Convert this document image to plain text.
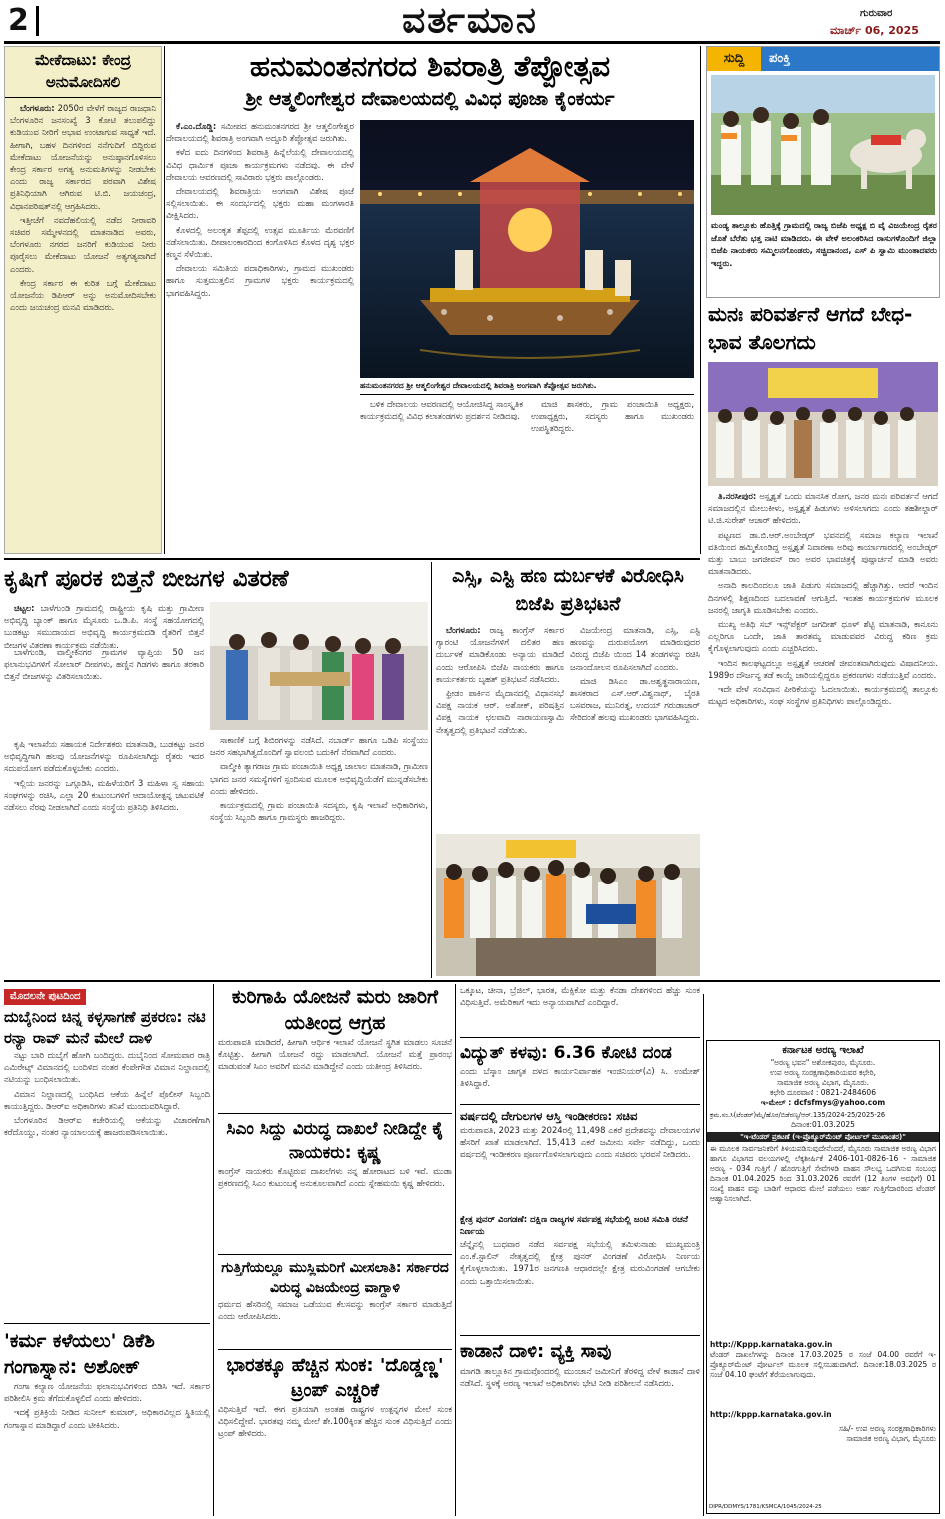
2	ವರ್ತಮಾನ	ಗುರುವಾರ
ಮಾರ್ಚ್ 06, 2025
ಮೇಕೆದಾಟು: ಕೇಂದ್ರ ಅನುಮೋದಿಸಲಿ

ಬೆಂಗಳೂರು: 2050ರ ವೇಳೆಗೆ ರಾಜ್ಯದ ರಾಜಧಾನಿ ಬೆಂಗಳೂರಿನ ಜನಸಂಖ್ಯೆ 3 ಕೋಟಿ ತಲುಪಲಿದ್ದು ಕುಡಿಯುವ ನೀರಿಗೆ ಅಭಾವ ಉಂಟಾಗುವ ಸಾಧ್ಯತೆ ಇದೆ. ಹೀಗಾಗಿ, ಬಹಳ ದಿನಗಳಿಂದ ನನೆಗುದಿಗೆ ಬಿದ್ದಿರುವ ಮೇಕೆದಾಟು ಯೋಜನೆಯನ್ನು ಅನುಷ್ಠಾನಗೊಳಿಸಲು ಕೇಂದ್ರ ಸರ್ಕಾರ ಅಗತ್ಯ ಅನುಮತಿಗಳನ್ನು ನೀಡಬೇಕು ಎಂದು ರಾಜ್ಯ ಸರ್ಕಾರದ ಪರವಾಗಿ ವಿಶೇಷ ಪ್ರತಿನಿಧಿಯಾಗಿ ಆಗಿರುವ ಟಿ.ಬಿ. ಜಯಚಂದ್ರ, ವಿಧಾನಪರಿಷತ್‌ನಲ್ಲಿ ಆಗ್ರಹಿಸಿದರು.

ಇತ್ತೀಚೆಗೆ ನವದೆಹಲಿಯಲ್ಲಿ ನಡೆದ ನೀರಾವರಿ ಸಚಿವರ ಸಮ್ಮೇಳನದಲ್ಲಿ ಮಾತನಾಡಿದ ಅವರು, ಬೆಂಗಳೂರು ನಗರದ ಜನರಿಗೆ ಕುಡಿಯುವ ನೀರು ಪೂರೈಸಲು ಮೇಕೆದಾಟು ಯೋಜನೆ ಅತ್ಯಗತ್ಯವಾಗಿದೆ ಎಂದರು.

ಕೇಂದ್ರ ಸರ್ಕಾರ ಈ ಕುರಿತ ಬಗ್ಗೆ ಮೇಕೆದಾಟು ಯೋಜನೆಯ ಡಿಪಿಆರ್ ಅನ್ನು ಅನುಮೋದಿಸಬೇಕು ಎಂದು ಜಯಚಂದ್ರ ಮನವಿ ಮಾಡಿದರು.

ಹನುಮಂತನಗರದ ಶಿವರಾತ್ರಿ ತೆಪ್ಪೋತ್ಸವ
ಶ್ರೀ ಆತ್ಮಲಿಂಗೇಶ್ವರ ದೇವಾಲಯದಲ್ಲಿ ವಿವಿಧ ಪೂಜಾ ಕೈಂಕರ್ಯ

ಕೆ.ಎಂ.ದೊಡ್ಡಿ: ಸಮೀಪದ ಹನುಮಂತನಗರದ ಶ್ರೀ ಆತ್ಮಲಿಂಗೇಶ್ವರ ದೇವಾಲಯದಲ್ಲಿ ಶಿವರಾತ್ರಿ ಅಂಗವಾಗಿ ಅದ್ದೂರಿ ತೆಪ್ಪೋತ್ಸವ ಜರುಗಿತು.

ಕಳೆದ ಐದು ದಿನಗಳಿಂದ ಶಿವರಾತ್ರಿ ಹಿನ್ನೆಲೆಯಲ್ಲಿ ದೇವಾಲಯದಲ್ಲಿ ವಿವಿಧ ಧಾರ್ಮಿಕ ಪೂಜಾ ಕಾರ್ಯಕ್ರಮಗಳು ನಡೆದವು. ಈ ವೇಳೆ ದೇವಾಲಯ ಆವರಣದಲ್ಲಿ ಸಾವಿರಾರು ಭಕ್ತರು ಪಾಲ್ಗೊಂಡರು.

ದೇವಾಲಯದಲ್ಲಿ ಶಿವರಾತ್ರಿಯ ಅಂಗವಾಗಿ ವಿಶೇಷ ಪೂಜೆ ಸಲ್ಲಿಸಲಾಯಿತು. ಈ ಸಂದರ್ಭದಲ್ಲಿ ಭಕ್ತರು ಮಹಾ ಮಂಗಳಾರತಿ ವೀಕ್ಷಿಸಿದರು.

ಕೊಳದಲ್ಲಿ ಅಲಂಕೃತ ತೆಪ್ಪದಲ್ಲಿ ಉತ್ಸವ ಮೂರ್ತಿಯ ಮೆರವಣಿಗೆ ನಡೆಸಲಾಯಿತು. ದೀಪಾಲಂಕಾರದಿಂದ ಕಂಗೊಳಿಸಿದ ಕೊಳದ ದೃಶ್ಯ ಭಕ್ತರ ಕಣ್ಮನ ಸೆಳೆಯಿತು.

ದೇವಾಲಯ ಸಮಿತಿಯ ಪದಾಧಿಕಾರಿಗಳು, ಗ್ರಾಮದ ಮುಖಂಡರು ಹಾಗೂ ಸುತ್ತಮುತ್ತಲಿನ ಗ್ರಾಮಗಳ ಭಕ್ತರು ಕಾರ್ಯಕ್ರಮದಲ್ಲಿ ಭಾಗವಹಿಸಿದ್ದರು.

ಹನುಮಂತನಗರದ ಶ್ರೀ ಆತ್ಮಲಿಂಗೇಶ್ವರ ದೇವಾಲಯದಲ್ಲಿ ಶಿವರಾತ್ರಿ ಅಂಗವಾಗಿ ತೆಪ್ಪೋತ್ಸವ ಜರುಗಿತು.

ಬಳಿಕ ದೇವಾಲಯ ಆವರಣದಲ್ಲಿ ಆಯೋಜಿಸಿದ್ದ ಸಾಂಸ್ಕೃತಿಕ ಕಾರ್ಯಕ್ರಮದಲ್ಲಿ ವಿವಿಧ ಕಲಾತಂಡಗಳು ಪ್ರದರ್ಶನ ನೀಡಿದವು.

ಮಾಜಿ ಶಾಸಕರು, ಗ್ರಾಮ ಪಂಚಾಯಿತಿ ಅಧ್ಯಕ್ಷರು, ಉಪಾಧ್ಯಕ್ಷರು, ಸದಸ್ಯರು ಹಾಗೂ ಮುಖಂಡರು ಉಪಸ್ಥಿತರಿದ್ದರು.

ಸುದ್ದಿ	ಪಂಕ್ತಿ
ಮಂಡ್ಯ ತಾಲ್ಲೂಕು ಹೊತ್ತಿಕ್ಕೆ ಗ್ರಾಮದಲ್ಲಿ ರಾಜ್ಯ ಬಿಜೆಪಿ ಅಧ್ಯಕ್ಷ ಬಿ ವೈ ವಿಜಯೇಂದ್ರ ರೈತರ ಜೊತೆ ಬೆರೆತು ಭತ್ತ ನಾಟಿ ಮಾಡಿದರು. ಈ ವೇಳೆ ಅಲಂಕರಿಸಿದ ರಾಸುಗಳೊಂದಿಗೆ ಜಿಲ್ಲಾ ಬಿಜೆಪಿ ನಾಯಕರು ಸಮ್ಮಿಲನಗೊಂಡರು, ಸಚ್ಚಿದಾನಂದ, ಎಸ್ ಪಿ ಸ್ವಾಮಿ ಮುಂತಾದವರು ಇದ್ದರು.
ಮನಃ ಪರಿವರ್ತನೆ ಆಗದೆ ಬೇಧ-ಭಾವ ತೊಲಗದು

ತಿ.ನರಸೀಪುರ: ಅಸ್ಪೃಶ್ಯತೆ ಒಂದು ಮಾನಸಿಕ ರೋಗ, ಜನರ ಮನಃ ಪರಿವರ್ತನೆ ಆಗದೆ ಸಮಾಜದಲ್ಲಿನ ಮೇಲುಕೀಳು, ಅಸ್ಪೃಶ್ಯತೆ ಹಿಡುಗಳು ಅಳಿಸಲಾಗದು ಎಂದು ತಹಶೀಲ್ದಾರ್ ಟಿ.ಜಿ.ಸುರೇಶ್ ಆಚಾರ್ ಹೇಳಿದರು.

ಪಟ್ಟಣದ ಡಾ.ಬಿ.ಆರ್.ಅಂಬೇಡ್ಕರ್ ಭವನದಲ್ಲಿ ಸಮಾಜ ಕಲ್ಯಾಣ ಇಲಾಖೆ ವತಿಯಿಂದ ಹಮ್ಮಿಕೊಂಡಿದ್ದ ಅಸ್ಪೃಶ್ಯತೆ ನಿವಾರಣಾ ಅರಿವು ಕಾರ್ಯಾಗಾರದಲ್ಲಿ ಅಂಬೇಡ್ಕರ್ ಮತ್ತು ಬಾಬು ಜಗಜೀವನ್ ರಾಂ ಅವರ ಭಾವಚಿತ್ರಕ್ಕೆ ಪುಷ್ಪಾರ್ಚನೆ ಮಾಡಿ ಅವರು ಮಾತನಾಡಿದರು.

ಅನಾದಿ ಕಾಲದಿಂದಲೂ ಜಾತಿ ಪಿಡುಗು ಸಮಾಜದಲ್ಲಿ ಹೆಚ್ಚಾಗಿತ್ತು. ಆದರೆ ಇಂದಿನ ದಿನಗಳಲ್ಲಿ ಶಿಕ್ಷಣದಿಂದ ಬದಲಾವಣೆ ಆಗುತ್ತಿದೆ. ಇಂತಹ ಕಾರ್ಯಕ್ರಮಗಳ ಮೂಲಕ ಜನರಲ್ಲಿ ಜಾಗೃತಿ ಮೂಡಿಸಬೇಕು ಎಂದರು.

ಮುಖ್ಯ ಅತಿಥಿ ಸಬ್ ಇನ್ಸ್‌ಪೆಕ್ಟರ್ ಜಗದೀಶ್ ಧೂಳ್ ಶೆಟ್ಟಿ ಮಾತನಾಡಿ, ಕಾನೂನು ಎಲ್ಲರಿಗೂ ಒಂದೇ, ಜಾತಿ ತಾರತಮ್ಯ ಮಾಡುವವರ ವಿರುದ್ಧ ಕಠಿಣ ಕ್ರಮ ಕೈಗೊಳ್ಳಲಾಗುವುದು ಎಂದು ಎಚ್ಚರಿಸಿದರು.

ಇಂದಿನ ಕಾಲಘಟ್ಟದಲ್ಲೂ ಅಸ್ಪೃಶ್ಯತೆ ಆಚರಣೆ ಜೀವಂತವಾಗಿರುವುದು ವಿಷಾದನೀಯ. 1989ರ ದೌರ್ಜನ್ಯ ತಡೆ ಕಾಯ್ದೆ ಜಾರಿಯಲ್ಲಿದ್ದರೂ ಪ್ರಕರಣಗಳು ನಡೆಯುತ್ತಿವೆ ಎಂದರು.

ಇದೇ ವೇಳೆ ಸಂವಿಧಾನ ಪೀಠಿಕೆಯನ್ನು ಓದಲಾಯಿತು. ಕಾರ್ಯಕ್ರಮದಲ್ಲಿ ತಾಲ್ಲೂಕು ಮಟ್ಟದ ಅಧಿಕಾರಿಗಳು, ಸಂಘ ಸಂಸ್ಥೆಗಳ ಪ್ರತಿನಿಧಿಗಳು ಪಾಲ್ಗೊಂಡಿದ್ದರು.

ಕೃಷಿಗೆ ಪೂರಕ ಬಿತ್ತನೆ ಬೀಜಗಳ ವಿತರಣೆ

ಚಿಟ್ಟಲ: ಬಾಳೆಗುಂಡಿ ಗ್ರಾಮದಲ್ಲಿ ರಾಷ್ಟ್ರೀಯ ಕೃಷಿ ಮತ್ತು ಗ್ರಾಮೀಣ ಅಭಿವೃದ್ಧಿ ಬ್ಯಾಂಕ್ ಹಾಗೂ ಮೈಸೂರು ಒ.ಡಿ.ಪಿ. ಸಂಸ್ಥೆ ಸಹಯೋಗದಲ್ಲಿ ಬುಡಕಟ್ಟು ಸಮುದಾಯದ ಅಭಿವೃದ್ಧಿ ಕಾರ್ಯಕ್ರಮದಡಿ ರೈತರಿಗೆ ಬಿತ್ತನೆ ಬೀಜಗಳ ವಿತರಣಾ ಕಾರ್ಯಕ್ರಮ ನಡೆಯಿತು.

ಬಾಳೆಗುಂಡಿ, ವಾಲ್ಮೀಕಿನಗರ ಗ್ರಾಮಗಳ ವ್ಯಾಪ್ತಿಯ 50 ಜನ ಫಲಾನುಭವಿಗಳಿಗೆ ಸೋಲಾರ್ ದೀಪಗಳು, ಹಣ್ಣಿನ ಗಿಡಗಳು ಹಾಗೂ ತರಕಾರಿ ಬಿತ್ತನೆ ಬೀಜಗಳನ್ನು ವಿತರಿಸಲಾಯಿತು.

ಕೃಷಿ ಇಲಾಖೆಯ ಸಹಾಯಕ ನಿರ್ದೇಶಕರು ಮಾತನಾಡಿ, ಬುಡಕಟ್ಟು ಜನರ ಅಭಿವೃದ್ಧಿಗಾಗಿ ಹಲವು ಯೋಜನೆಗಳನ್ನು ರೂಪಿಸಲಾಗಿದ್ದು ರೈತರು ಇದರ ಸದುಪಯೋಗ ಪಡೆದುಕೊಳ್ಳಬೇಕು ಎಂದರು.

ಇಲ್ಲಿಯ ಜನರನ್ನು ಒಗ್ಗೂಡಿಸಿ, ಮಹಿಳೆಯರಿಗೆ 3 ಮಹಿಳಾ ಸ್ವ ಸಹಾಯ ಸಂಘಗಳನ್ನು ರಚಿಸಿ, ಎಲ್ಲಾ 20 ಕುಟುಂಬಗಳಿಗೆ ಆದಾಯೋತ್ಪನ್ನ ಚಟುವಟಿಕೆ ನಡೆಸಲು ನೆರವು ನೀಡಲಾಗಿದೆ ಎಂದು ಸಂಸ್ಥೆಯ ಪ್ರತಿನಿಧಿ ತಿಳಿಸಿದರು.

ಸಾಕಾಣಿಕೆ ಬಗ್ಗೆ ಶಿಬಿರಗಳನ್ನು ನಡೆಸಿದೆ. ನಬಾರ್ಡ್ ಹಾಗೂ ಒಡಿಪಿ ಸಂಸ್ಥೆಯು ಜನರ ಸಹಭಾಗಿತ್ವದೊಂದಿಗೆ ಸ್ವಾವಲಂಬಿ ಬದುಕಿಗೆ ನೆರವಾಗಿದೆ ಎಂದರು.

ವಾಲ್ಮೀಕಿ ತ್ಯಾಗರಾಜ ಗ್ರಾಮ ಪಂಚಾಯಿತಿ ಅಧ್ಯಕ್ಷ ಜಾಲಾಲ ಮಾತನಾಡಿ, ಗ್ರಾಮೀಣ ಭಾಗದ ಜನರ ಸಮಸ್ಯೆಗಳಿಗೆ ಸ್ಪಂದಿಸುವ ಮೂಲಕ ಅಭಿವೃದ್ಧಿಯೆಡೆಗೆ ಮುನ್ನಡೆಸಬೇಕು ಎಂದು ಹೇಳಿದರು.

ಕಾರ್ಯಕ್ರಮದಲ್ಲಿ ಗ್ರಾಮ ಪಂಚಾಯಿತಿ ಸದಸ್ಯರು, ಕೃಷಿ ಇಲಾಖೆ ಅಧಿಕಾರಿಗಳು, ಸಂಸ್ಥೆಯ ಸಿಬ್ಬಂದಿ ಹಾಗೂ ಗ್ರಾಮಸ್ಥರು ಹಾಜರಿದ್ದರು.

ಎಸ್ಸಿ, ಎಸ್ಟಿ ಹಣ ದುರ್ಬಳಕೆ ವಿರೋಧಿಸಿ ಬಿಜೆಪಿ ಪ್ರತಿಭಟನೆ

ಬೆಂಗಳೂರು: ರಾಜ್ಯ ಕಾಂಗ್ರೆಸ್ ಸರ್ಕಾರ ಗ್ಯಾರಂಟಿ ಯೋಜನೆಗಳಿಗೆ ದಲಿತರ ಹಣ ದುರ್ಬಳಕೆ ಮಾಡಿಕೊಂಡು ಅನ್ಯಾಯ ಮಾಡಿದೆ ಎಂದು ಆರೋಪಿಸಿ ಬಿಜೆಪಿ ನಾಯಕರು ಹಾಗೂ ಕಾರ್ಯಕರ್ತರು ಬೃಹತ್ ಪ್ರತಿಭಟನೆ ನಡೆಸಿದರು.

ಫ್ರೀಡಂ ಪಾರ್ಕಿನ ಮೈದಾನದಲ್ಲಿ ವಿಧಾನಸಭೆ ವಿಪಕ್ಷ ನಾಯಕ ಆರ್. ಅಶೋಕ್, ಪರಿಷತ್ತಿನ ವಿಪಕ್ಷ ನಾಯಕ ಛಲವಾದಿ ನಾರಾಯಣಸ್ವಾಮಿ ನೇತೃತ್ವದಲ್ಲಿ ಪ್ರತಿಭಟನೆ ನಡೆಯಿತು.

ವಿಜಯೇಂದ್ರ ಮಾತನಾಡಿ, ಎಸ್ಸಿ, ಎಸ್ಟಿ ಹಣವನ್ನು ದುರುಪಯೋಗ ಮಾಡಿರುವುದರ ವಿರುದ್ಧ ಬಿಜೆಪಿ ಯಿಂದ 14 ತಂಡಗಳನ್ನು ರಚಿಸಿ ಜನಾಂದೋಲನ ರೂಪಿಸಲಾಗಿದೆ ಎಂದರು.

ಮಾಜಿ ಡಿಸಿಎಂ ಡಾ.ಅಶ್ವತ್ಥನಾರಾಯಣ, ಶಾಸಕರಾದ ಎಸ್.ಆರ್.ವಿಶ್ವನಾಥ್, ಬೈರತಿ ಬಸವರಾಜ, ಮುನಿರತ್ನ, ಉದಯ್ ಗರುಡಾಚಾರ್ ಸೇರಿದಂತೆ ಹಲವು ಮುಖಂಡರು ಭಾಗವಹಿಸಿದ್ದರು.

ಮೊದಲನೇ ಪುಟದಿಂದ
ದುಬೈನಿಂದ ಚಿನ್ನ ಕಳ್ಳಸಾಗಣೆ ಪ್ರಕರಣ: ನಟಿ ರನ್ಯಾ ರಾವ್ ಮನೆ ಮೇಲೆ ದಾಳಿ

ನಟ್ಟು ಬಾರಿ ದುಬೈಗೆ ಹೋಗಿ ಬಂದಿದ್ದರು. ದುಬೈನಿಂದ ಸೋಮವಾರ ರಾತ್ರಿ ಎಮಿರೇಟ್ಸ್ ವಿಮಾನದಲ್ಲಿ ಬಂದಿಳಿದ ನಂತರ ಕೆಂಪೇಗೌಡ ವಿಮಾನ ನಿಲ್ದಾಣದಲ್ಲಿ ನಟಿಯನ್ನು ಬಂಧಿಸಲಾಯಿತು.

ವಿಮಾನ ನಿಲ್ದಾಣದಲ್ಲಿ ಬಂಧಿಸಿದ ಆಕೆಯ ಹಿನ್ನೆಲೆ ಪೊಲೀಸ್ ಸಿಬ್ಬಂದಿ ಕಾಯುತ್ತಿದ್ದರು. ಡಿಆರ್‌ಐ ಅಧಿಕಾರಿಗಳು ತನಿಖೆ ಮುಂದುವರಿಸಿದ್ದಾರೆ.

ಬೆಂಗಳೂರಿನ ಡಿಆರ್‌ಐ ಕಚೇರಿಯಲ್ಲಿ ಆಕೆಯನ್ನು ವಿಚಾರಣೆಗಾಗಿ ಕರೆದೊಯ್ದು, ನಂತರ ನ್ಯಾಯಾಲಯಕ್ಕೆ ಹಾಜರುಪಡಿಸಲಾಯಿತು.

'ಕರ್ಮ ಕಳೆಯಲು' ಡಿಕೆಶಿ ಗಂಗಾಸ್ನಾನ: ಅಶೋಕ್

ಗಂಗಾ ಕಲ್ಯಾಣ ಯೋಜನೆಯ ಫಲಾನುಭವಿಗಳಿಂದ ಬಿಡಿಸಿ ಇದೆ. ಸರ್ಕಾರ ಪರಿಶೀಲಿಸಿ ಕ್ರಮ ತೆಗೆದುಕೊಳ್ಳಲಿದೆ ಎಂದು ಹೇಳಿದರು.

ಇದಕ್ಕೆ ಪ್ರತಿಕ್ರಿಯೆ ನೀಡಿದ ಸುನೀಲ್ ಕುಮಾರ್, ಅಧಿಕಾರವಿಲ್ಲದ ಸ್ಥಿತಿಯಲ್ಲಿ ಗಂಗಾಸ್ನಾನ ಮಾಡಿದ್ದಾರೆ ಎಂದು ಟೀಕಿಸಿದರು.

ಕುರಿಗಾಹಿ ಯೋಜನೆ ಮರು ಜಾರಿಗೆ ಯತೀಂದ್ರ ಆಗ್ರಹ
ಮರುಪಾವತಿ ಮಾಡಿದರೆ, ಹೀಗಾಗಿ ಆರ್ಥಿಕ ಇಲಾಖೆ ಯೋಜನೆ ಸ್ಥಗಿತ ಮಾಡಲು ಸೂಚನೆ ಕೊಟ್ಟಿತ್ತು. ಹೀಗಾಗಿ ಯೋಜನೆ ರದ್ದು ಮಾಡಲಾಗಿದೆ. ಯೋಜನೆ ಮತ್ತೆ ಪ್ರಾರಂಭ ಮಾಡುವಂತೆ ಸಿಎಂ ಅವರಿಗೆ ಮನವಿ ಮಾಡಿದ್ದೇನೆ ಎಂದು ಯತೀಂದ್ರ ತಿಳಿಸಿದರು.
ಸಿಎಂ ಸಿದ್ದು ವಿರುದ್ಧ ದಾಖಲೆ ನೀಡಿದ್ದೇ ಕೈ ನಾಯಕರು: ಕೃಷ್ಣ
ಕಾಂಗ್ರೆಸ್ ನಾಯಕರು ಕೊಟ್ಟಿರುವ ದಾಖಲೆಗಳು ನನ್ನ ಹೋರಾಟದ ಬಳಿ ಇವೆ. ಮುಡಾ ಪ್ರಕರಣದಲ್ಲಿ ಸಿಎಂ ಕುಟುಂಬಕ್ಕೆ ಅನುಕೂಲವಾಗಿದೆ ಎಂದು ಸ್ನೇಹಮಯಿ ಕೃಷ್ಣ ಹೇಳಿದರು.
ಗುತ್ತಿಗೆಯಲ್ಲೂ ಮುಸ್ಲಿಮರಿಗೆ ಮೀಸಲಾತಿ: ಸರ್ಕಾರದ ವಿರುದ್ಧ ವಿಜಯೇಂದ್ರ ವಾಗ್ದಾಳಿ
ಧರ್ಮದ ಹೆಸರಿನಲ್ಲಿ ಸಮಾಜ ಒಡೆಯುವ ಕೆಲಸವನ್ನು ಕಾಂಗ್ರೆಸ್ ಸರ್ಕಾರ ಮಾಡುತ್ತಿದೆ ಎಂದು ಆರೋಪಿಸಿದರು.
ಭಾರತಕ್ಕೂ ಹೆಚ್ಚಿನ ಸುಂಕ: 'ದೊಡ್ಡಣ್ಣ' ಟ್ರಂಪ್ ಎಚ್ಚರಿಕೆ
ವಿಧಿಸುತ್ತಿವೆ ಇದೆ. ಈಗ ಪ್ರತಿಯಾಗಿ ಅಂತಹ ರಾಷ್ಟ್ರಗಳ ಉತ್ಪನ್ನಗಳ ಮೇಲೆ ಸುಂಕ ವಿಧಿಸಲಿದ್ದೇವೆ. ಭಾರತವು ನಮ್ಮ ಮೇಲೆ ಶೇ.100ಕ್ಕಿಂತ ಹೆಚ್ಚಿನ ಸುಂಕ ವಿಧಿಸುತ್ತಿದೆ ಎಂದು ಟ್ರಂಪ್ ಹೇಳಿದರು.
ಒಕ್ಕೂಟ, ಚೀನಾ, ಬ್ರೆಜಿಲ್, ಭಾರತ, ಮೆಕ್ಸಿಕೋ ಮತ್ತು ಕೆನಡಾ ದೇಶಗಳಿಂದ ಹೆಚ್ಚು ಸುಂಕ ವಿಧಿಸುತ್ತಿವೆ. ಅಮೆರಿಕಾಗೆ ಇದು ಅನ್ಯಾಯವಾಗಿದೆ ಎಂದಿದ್ದಾರೆ.
ವಿದ್ಯುತ್ ಕಳವು: 6.36 ಕೋಟಿ ದಂಡ
ಎಂದು ಬೆಸ್ಕಾಂ ಜಾಗೃತ ದಳದ ಕಾರ್ಯನಿರ್ವಾಹಕ ಇಂಜಿನಿಯರ್(ವಿ) ಸಿ. ಉಮೇಶ್ ತಿಳಿಸಿದ್ದಾರೆ.
ವರ್ಷದಲ್ಲಿ ದೇಗುಲಗಳ ಆಸ್ತಿ ಇಂಡೀಕರಣ: ಸಚಿವ
ಮರುಪಾವತಿ, 2023 ಮತ್ತು 2024ರಲ್ಲಿ 11,498 ಎಕರೆ ಪ್ರದೇಶವನ್ನು ದೇವಾಲಯಗಳ ಹೆಸರಿಗೆ ಖಾತೆ ಮಾಡಲಾಗಿದೆ. 15,413 ಎಕರೆ ಜಮೀನು ಸರ್ವೇ ನಡೆದಿದ್ದು, ಒಂದು ವರ್ಷದಲ್ಲಿ ಇಂಡೀಕರಣ ಪೂರ್ಣಗೊಳಿಸಲಾಗುವುದು ಎಂದು ಸಚಿವರು ಭರವಸೆ ನೀಡಿದರು.
ಕ್ಷೇತ್ರ ಪುನರ್ ವಿಂಗಡಣೆ: ದಕ್ಷಿಣ ರಾಜ್ಯಗಳ ಸರ್ವಪಕ್ಷ ಸಭೆಯಲ್ಲಿ ಜಂಟಿ ಸಮಿತಿ ರಚನೆ ನಿರ್ಣಯ
ಚೆನ್ನೈನಲ್ಲಿ ಬುಧವಾರ ನಡೆದ ಸರ್ವಪಕ್ಷ ಸಭೆಯಲ್ಲಿ ತಮಿಳುನಾಡು ಮುಖ್ಯಮಂತ್ರಿ ಎಂ.ಕೆ.ಸ್ಟಾಲಿನ್ ನೇತೃತ್ವದಲ್ಲಿ ಕ್ಷೇತ್ರ ಪುನರ್ ವಿಂಗಡಣೆ ವಿರೋಧಿಸಿ ನಿರ್ಣಯ ಕೈಗೊಳ್ಳಲಾಯಿತು. 1971ರ ಜನಗಣತಿ ಆಧಾರದಲ್ಲೇ ಕ್ಷೇತ್ರ ಮರುವಿಂಗಡಣೆ ಆಗಬೇಕು ಎಂದು ಒತ್ತಾಯಿಸಲಾಯಿತು.
ಕಾಡಾನೆ ದಾಳಿ: ವ್ಯಕ್ತಿ ಸಾವು
ಮಾಗಡಿ ತಾಲ್ಲೂಕಿನ ಗ್ರಾಮವೊಂದರಲ್ಲಿ ಮುಂಜಾನೆ ಜಮೀನಿಗೆ ತೆರಳಿದ್ದ ವೇಳೆ ಕಾಡಾನೆ ದಾಳಿ ನಡೆಸಿದೆ. ಸ್ಥಳಕ್ಕೆ ಅರಣ್ಯ ಇಲಾಖೆ ಅಧಿಕಾರಿಗಳು ಭೇಟಿ ನೀಡಿ ಪರಿಶೀಲನೆ ನಡೆಸಿದರು.
ಕರ್ನಾಟಕ ಅರಣ್ಯ ಇಲಾಖೆ
"ಅರಣ್ಯ ಭವನ" ಅಶೋಕಪುರಂ, ಮೈಸೂರು.
ಉಪ ಅರಣ್ಯ ಸಂರಕ್ಷಣಾಧಿಕಾರಿಯವರ ಕಛೇರಿ,
ಸಾಮಾಜಿಕ ಅರಣ್ಯ ವಿಭಾಗ, ಮೈಸೂರು.
ಕಛೇರಿ ದೂರವಾಣಿ : 0821-2484606
ಇ-ಮೇಲ್ : dcfsfmys@yahoo.com
ಕ್ರಮ.ಸಂ.ಸಿ(ಟೆಂಡರ್)ಮೈ/ಹೊರ/ಬಿಡೆರಣ್ಯ/ಆರ್.135/2024-25/2025-26
ದಿನಾಂಕ:01.03.2025
"ಇ-ಟೆಂಡರ್ ಪ್ರಕಟಣೆ (ಇ-ಪ್ರೊಕ್ಯೂರ್‌ಮೆಂಟ್ ಪೋರ್ಟಲ್ ಮುಖಾಂತರ)"
ಈ ಮೂಲಕ ಸಾರ್ವಜನಿಕರಿಗೆ ತಿಳಿಯಪಡಿಸುವುದೇನೆಂದರೆ, ಮೈಸೂರು ಸಾಮಾಜಿಕ ಅರಣ್ಯ ವಿಭಾಗ ಹಾಗೂ ವಿಭಾಗದ ವಲಯಗಳಲ್ಲಿ ಲೆಕ್ಕಶೀರ್ಷಿಕೆ 2406-101-0826-16 - ಸಾಮಾಜಿಕ ಅರಣ್ಯ - 034 ಗುತ್ತಿಗೆ / ಹೊರಗುತ್ತಿಗೆ ಸೇವೆಗಳಡಿ ವಾಹನ ಸೌಲಭ್ಯ ಒದಗಿಸುವ ಸಂಬಂಧ ದಿನಾಂಕ 01.04.2025 ರಿಂದ 31.03.2026 ರವರೆಗೆ (12 ತಿಂಗಳ ಅವಧಿಗೆ) 01 ಸಂಖ್ಯೆ ವಾಹನ ವನ್ನು ಬಾಡಿಗೆ ಆಧಾರದ ಮೇಲೆ ಪಡೆಯಲು ಅರ್ಹ ಗುತ್ತಿಗೆದಾರರಿಂದ ಟೆಂಡರ್ ಆಹ್ವಾನಿಸಲಾಗಿದೆ.
http://Kppp.karnataka.gov.in
ಟೆಂಡರ್ ದಾಖಲೆಗಳನ್ನು ದಿನಾಂಕ 17.03.2025 ರ ಸಂಜೆ 04.00 ರವರೆಗೆ ಇ-ಪ್ರೊಕ್ಯೂರ್‌ಮೆಂಟ್ ಪೋರ್ಟಲ್ ಮೂಲಕ ಸಲ್ಲಿಸಬಹುದಾಗಿದೆ. ದಿನಾಂಕ:18.03.2025 ರ ಸಂಜೆ 04.10 ಘಂಟೆಗೆ ತೆರೆಯಲಾಗುವುದು.
http://kppp.karnataka.gov.in
ಸಹಿ/- ಉಪ ಅರಣ್ಯ ಸಂರಕ್ಷಣಾಧಿಕಾರಿಗಳು
ಸಾಮಾಜಿಕ ಅರಣ್ಯ ವಿಭಾಗ, ಮೈಸೂರು
DIPR/DDMYS/1781/KSMCA/1045/2024-25
